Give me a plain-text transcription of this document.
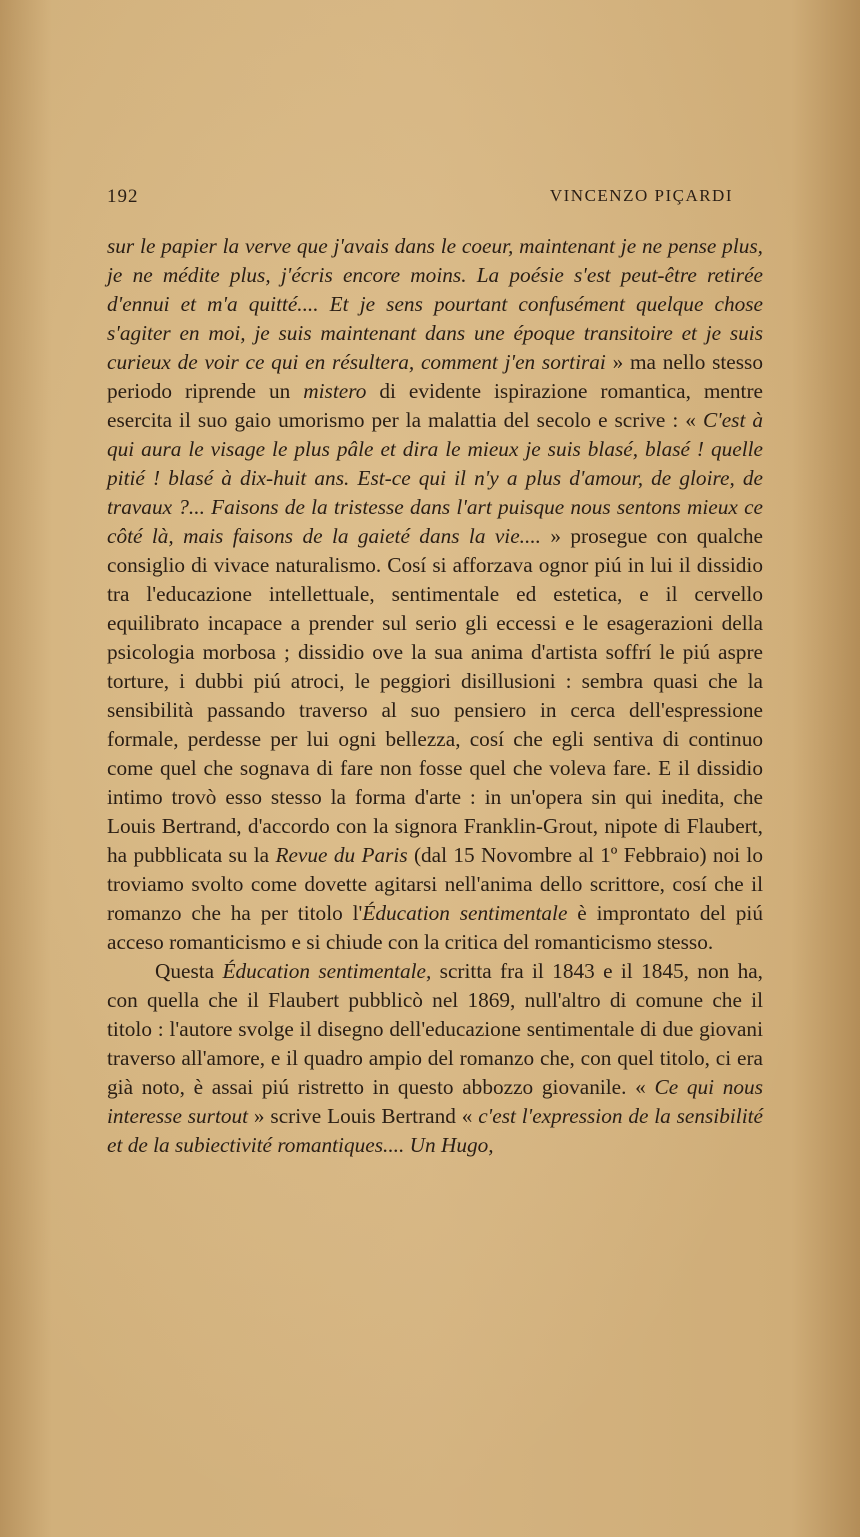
192	VINCENZO PIÇARDI

sur le papier la verve que j'avais dans le coeur, maintenant je ne pense plus, je ne médite plus, j'écris encore moins. La poésie s'est peut-être retirée d'ennui et m'a quitté.... Et je sens pourtant confusément quelque chose s'agiter en moi, je suis maintenant dans une époque transitoire et je suis curieux de voir ce qui en résultera, comment j'en sortirai » ma nello stesso periodo riprende un mistero di evidente ispirazione romantica, mentre esercita il suo gaio umorismo per la malattia del secolo e scrive : « C'est à qui aura le visage le plus pâle et dira le mieux je suis blasé, blasé ! quelle pitié ! blasé à dix-huit ans. Est-ce qui il n'y a plus d'amour, de gloire, de travaux ?... Faisons de la tristesse dans l'art puisque nous sentons mieux ce côté là, mais faisons de la gaieté dans la vie.... » prosegue con qualche consiglio di vivace naturalismo. Cosí si afforzava ognor piú in lui il dissidio tra l'educazione intellettuale, sentimentale ed estetica, e il cervello equilibrato incapace a prender sul serio gli eccessi e le esagerazioni della psicologia morbosa ; dissidio ove la sua anima d'artista soffrí le piú aspre torture, i dubbi piú atroci, le peggiori disillusioni : sembra quasi che la sensibilità passando traverso al suo pensiero in cerca dell'espressione formale, perdesse per lui ogni bellezza, cosí che egli sentiva di continuo come quel che sognava di fare non fosse quel che voleva fare. E il dissidio intimo trovò esso stesso la forma d'arte : in un'opera sin qui inedita, che Louis Bertrand, d'accordo con la signora Franklin-Grout, nipote di Flaubert, ha pubblicata su la Revue du Paris (dal 15 Novombre al 1º Febbraio) noi lo troviamo svolto come dovette agitarsi nell'anima dello scrittore, cosí che il romanzo che ha per titolo l'Éducation sentimentale è improntato del piú acceso romanticismo e si chiude con la critica del romanticismo stesso.

Questa Éducation sentimentale, scritta fra il 1843 e il 1845, non ha, con quella che il Flaubert pubblicò nel 1869, null'altro di comune che il titolo : l'autore svolge il disegno dell'educazione sentimentale di due giovani traverso all'amore, e il quadro ampio del romanzo che, con quel titolo, ci era già noto, è assai piú ristretto in questo abbozzo giovanile. « Ce qui nous interesse surtout » scrive Louis Bertrand « c'est l'expression de la sensibilité et de la subiectivité romantiques.... Un Hugo,
